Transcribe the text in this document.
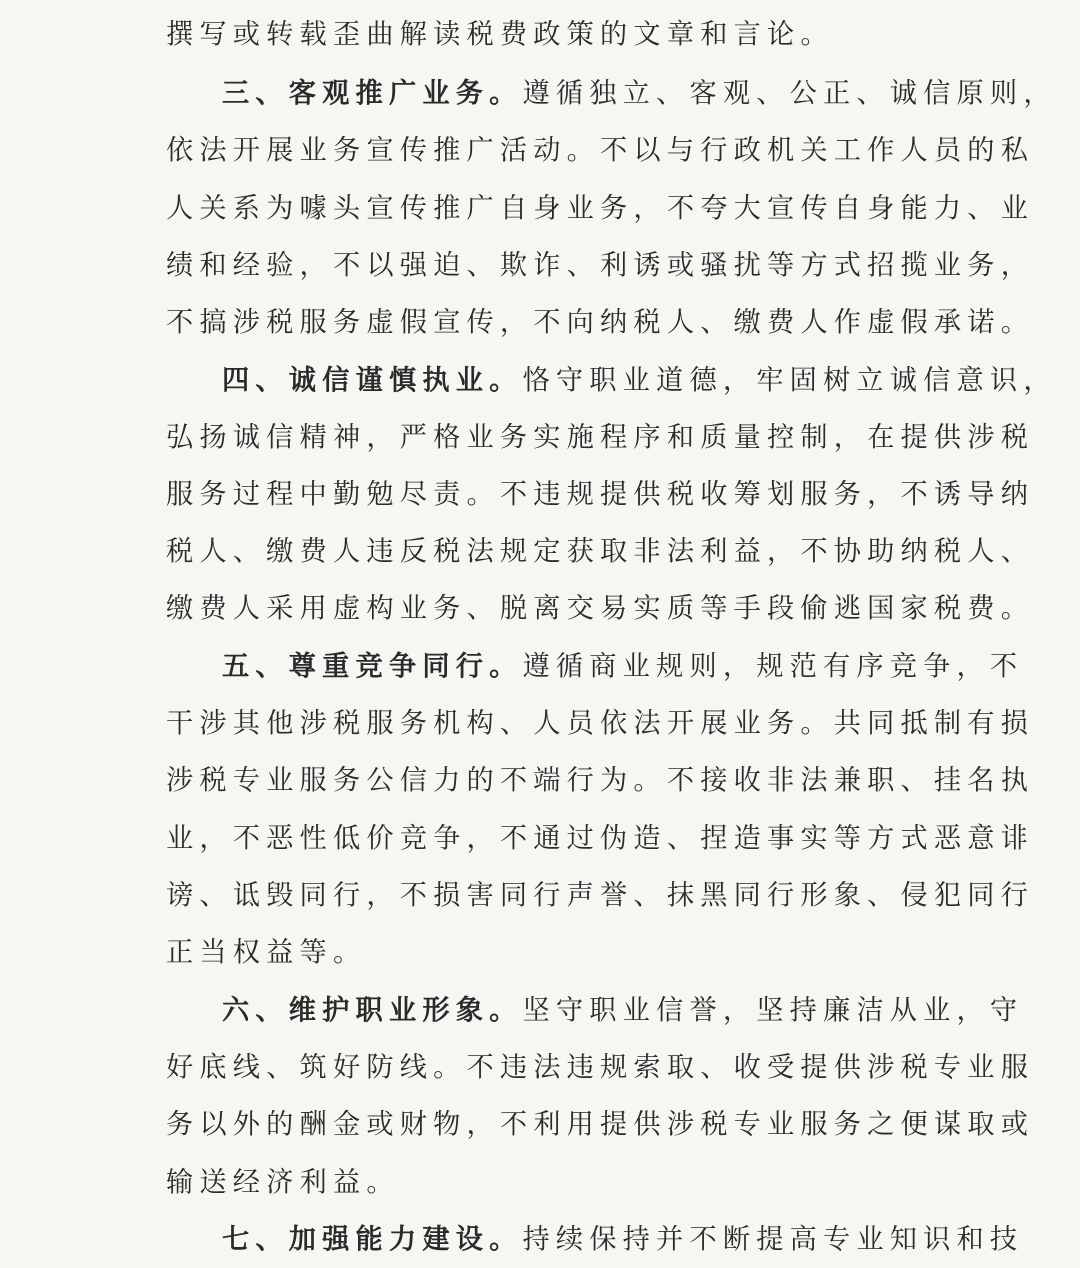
撰写或转载歪曲解读税费政策的文章和言论。
三、客观推广业务。遵循独立、客观、公正、诚信原则，
依法开展业务宣传推广活动。不以与行政机关工作人员的私
人关系为噱头宣传推广自身业务，不夸大宣传自身能力、业
绩和经验，不以强迫、欺诈、利诱或骚扰等方式招揽业务，
不搞涉税服务虚假宣传，不向纳税人、缴费人作虚假承诺。
四、诚信谨慎执业。恪守职业道德，牢固树立诚信意识，
弘扬诚信精神，严格业务实施程序和质量控制，在提供涉税
服务过程中勤勉尽责。不违规提供税收筹划服务，不诱导纳
税人、缴费人违反税法规定获取非法利益，不协助纳税人、
缴费人采用虚构业务、脱离交易实质等手段偷逃国家税费。
五、尊重竞争同行。遵循商业规则，规范有序竞争，不
干涉其他涉税服务机构、人员依法开展业务。共同抵制有损
涉税专业服务公信力的不端行为。不接收非法兼职、挂名执
业，不恶性低价竞争，不通过伪造、捏造事实等方式恶意诽
谤、诋毁同行，不损害同行声誉、抹黑同行形象、侵犯同行
正当权益等。
六、维护职业形象。坚守职业信誉，坚持廉洁从业，守
好底线、筑好防线。不违法违规索取、收受提供涉税专业服
务以外的酬金或财物，不利用提供涉税专业服务之便谋取或
输送经济利益。
七、加强能力建设。持续保持并不断提高专业知识和技
